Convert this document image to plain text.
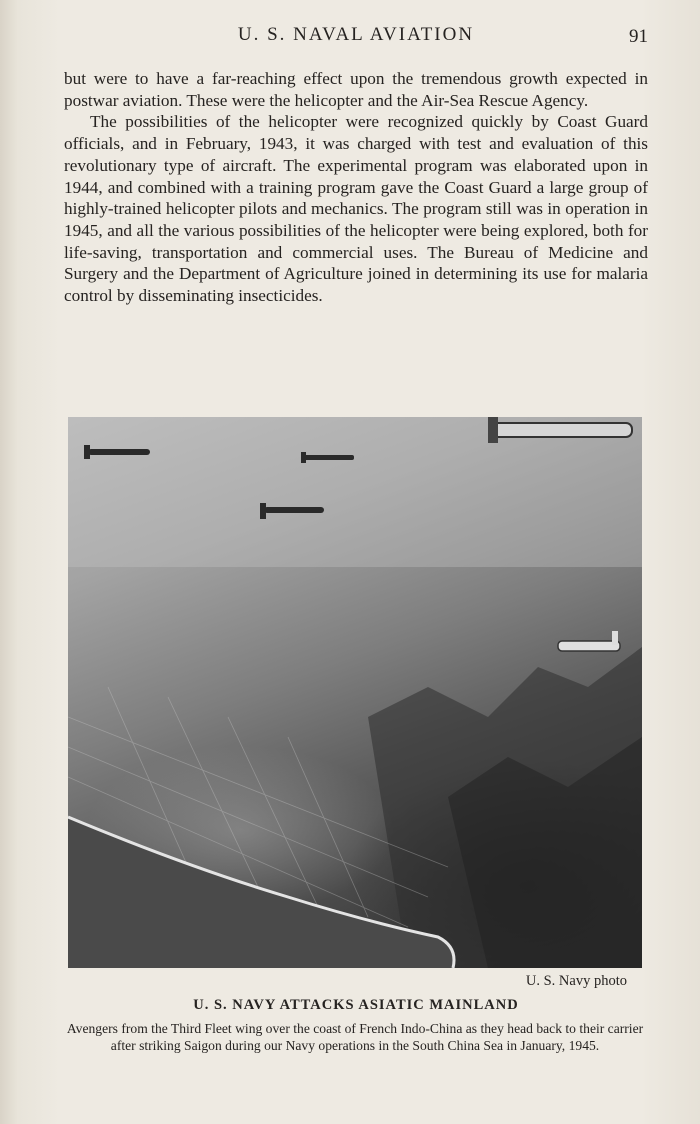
U. S. NAVAL AVIATION	91

but were to have a far-reaching effect upon the tremendous growth expected in postwar aviation. These were the helicopter and the Air-Sea Rescue Agency.

The possibilities of the helicopter were recognized quickly by Coast Guard officials, and in February, 1943, it was charged with test and evaluation of this revolutionary type of aircraft. The experimental program was elaborated upon in 1944, and combined with a training program gave the Coast Guard a large group of highly-trained helicopter pilots and mechanics. The program still was in operation in 1945, and all the various possibilities of the helicopter were being explored, both for life-saving, transportation and commercial uses. The Bureau of Medicine and Surgery and the Department of Agriculture joined in determining its use for malaria control by disseminating insecticides.

U. S. Navy photo
U. S. NAVY ATTACKS ASIATIC MAINLAND
Avengers from the Third Fleet wing over the coast of French Indo-China as they head back to their carrier after striking Saigon during our Navy operations in the South China Sea in January, 1945.
